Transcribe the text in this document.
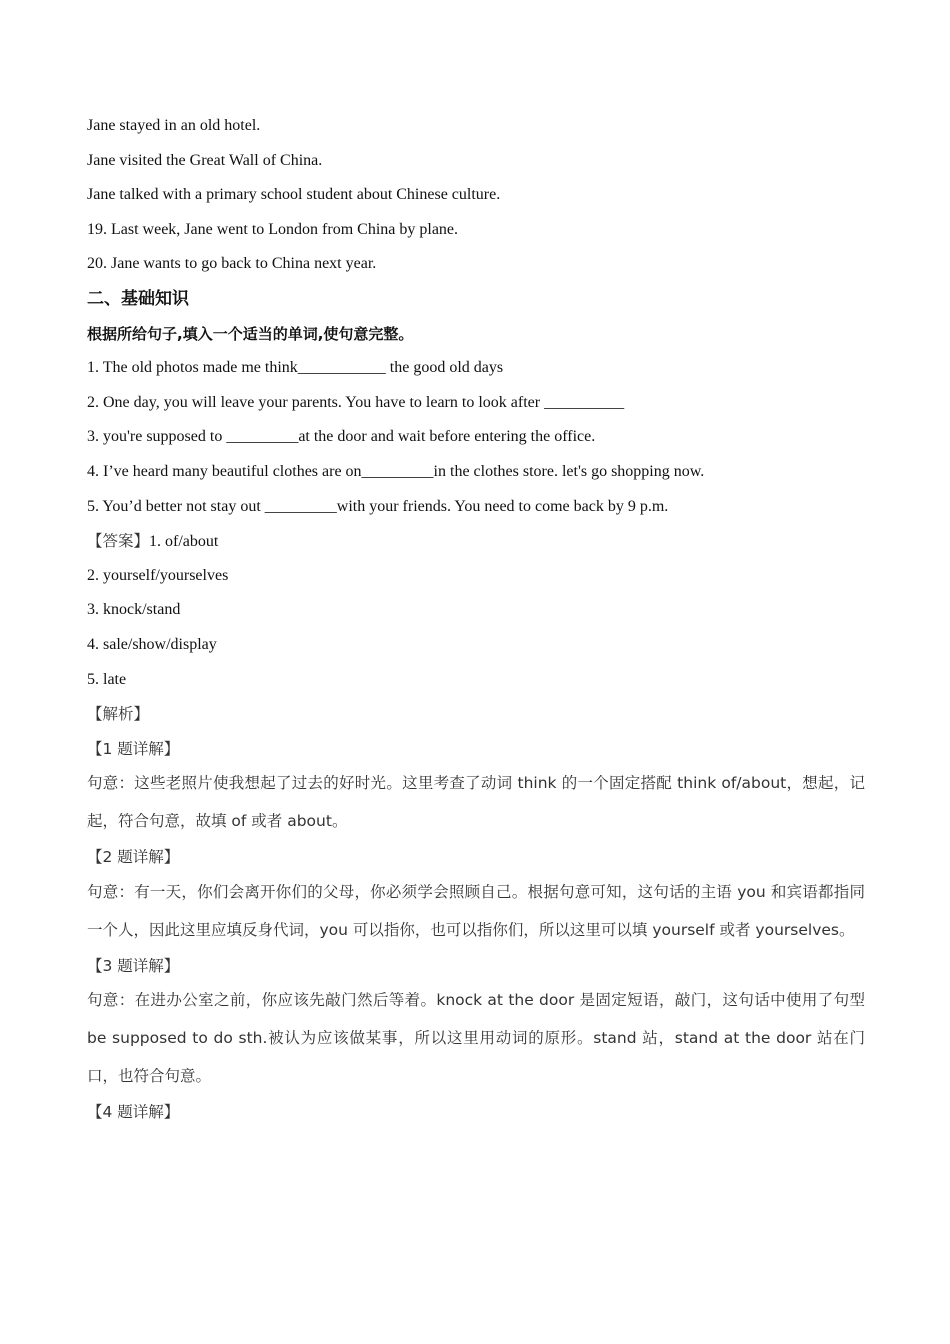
Jane stayed in an old hotel.
Jane visited the Great Wall of China.
Jane talked with a primary school student about Chinese culture.
19. Last week, Jane went to London from China by plane.
20. Jane wants to go back to China next year.
二、基础知识
根据所给句子,填入一个适当的单词,使句意完整。
1. The old photos made me think___________ the good old days
2. One day, you will leave your parents. You have to learn to look after __________
3. you're supposed to _________at the door and wait before entering the office.
4. I’ve heard many beautiful clothes are on_________in the clothes store. let's go shopping now.
5. You’d better not stay out _________with your friends. You need to come back by 9 p.m.
【答案】1. of/about
2. yourself/yourselves
3. knock/stand
4. sale/show/display
5. late
【解析】
【1 题详解】
句意：这些老照片使我想起了过去的好时光。这里考查了动词 think 的一个固定搭配 think of/about，想起，记起，符合句意，故填 of 或者 about。
【2 题详解】
句意：有一天，你们会离开你们的父母，你必须学会照顾自己。根据句意可知，这句话的主语 you 和宾语都指同一个人，因此这里应填反身代词，you 可以指你，也可以指你们，所以这里可以填 yourself 或者 yourselves。
【3 题详解】
句意：在进办公室之前，你应该先敲门然后等着。knock at the door 是固定短语，敲门，这句话中使用了句型 be supposed to do sth.被认为应该做某事，所以这里用动词的原形。stand 站，stand at the door 站在门口，也符合句意。
【4 题详解】
